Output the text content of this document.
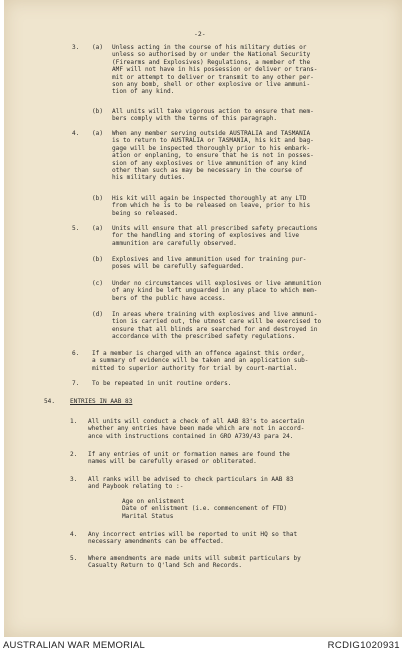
-2-
3. (a) Unless acting in the course of his military duties or
unless so authorised by or under the National Security
(Firearms and Explosives) Regulations, a member of the
AMF will not have in his possession or deliver or trans-
mit or attempt to deliver or transmit to any other per-
son any bomb, shell or other explosive or live ammuni-
tion of any kind.
(b) All units will take vigorous action to ensure that mem-
bers comply with the terms of this paragraph.
4. (a) When any member serving outside AUSTRALIA and TASMANIA
is to return to AUSTRALIA or TASMANIA, his kit and bag-
gage will be inspected thoroughly prior to his embark-
ation or enplaning, to ensure that he is not in posses-
sion of any explosives or live ammunition of any kind
other than such as may be necessary in the course of
his military duties.
(b) His kit will again be inspected thoroughly at any LTD
from which he is to be released on leave, prior to his
being so released.
5. (a) Units will ensure that all prescribed safety precautions
for the handling and storing of explosives and live
ammunition are carefully observed.
(b) Explosives and live ammunition used for training pur-
poses will be carefully safeguarded.
(c) Under no circumstances will explosives or live ammunition
of any kind be left unguarded in any place to which mem-
bers of the public have access.
(d) In areas where training with explosives and live ammuni-
tion is carried out, the utmost care will be exercised to
ensure that all blinds are searched for and destroyed in
accordance with the prescribed safety regulations.
6. If a member is charged with an offence against this order,
a summary of evidence will be taken and an application sub-
mitted to superior authority for trial by court-martial.
7. To be repeated in unit routine orders.
54. ENTRIES IN AAB 83
1. All units will conduct a check of all AAB 83's to ascertain
whether any entries have been made which are not in accord-
ance with instructions contained in GRO A739/43 para 24.
2. If any entries of unit or formation names are found the
names will be carefully erased or obliterated.
3. All ranks will be advised to check particulars in AAB 83
and Paybook relating to :-
Age on enlistment
Date of enlistment (i.e. commencement of FTD)
Marital Status
4. Any incorrect entries will be reported to unit HQ so that
necessary amendments can be effected.
5. Where amendments are made units will submit particulars by
Casualty Return to Q'land Sch and Records.
AUSTRALIAN WAR MEMORIAL	RCDIG1020931
